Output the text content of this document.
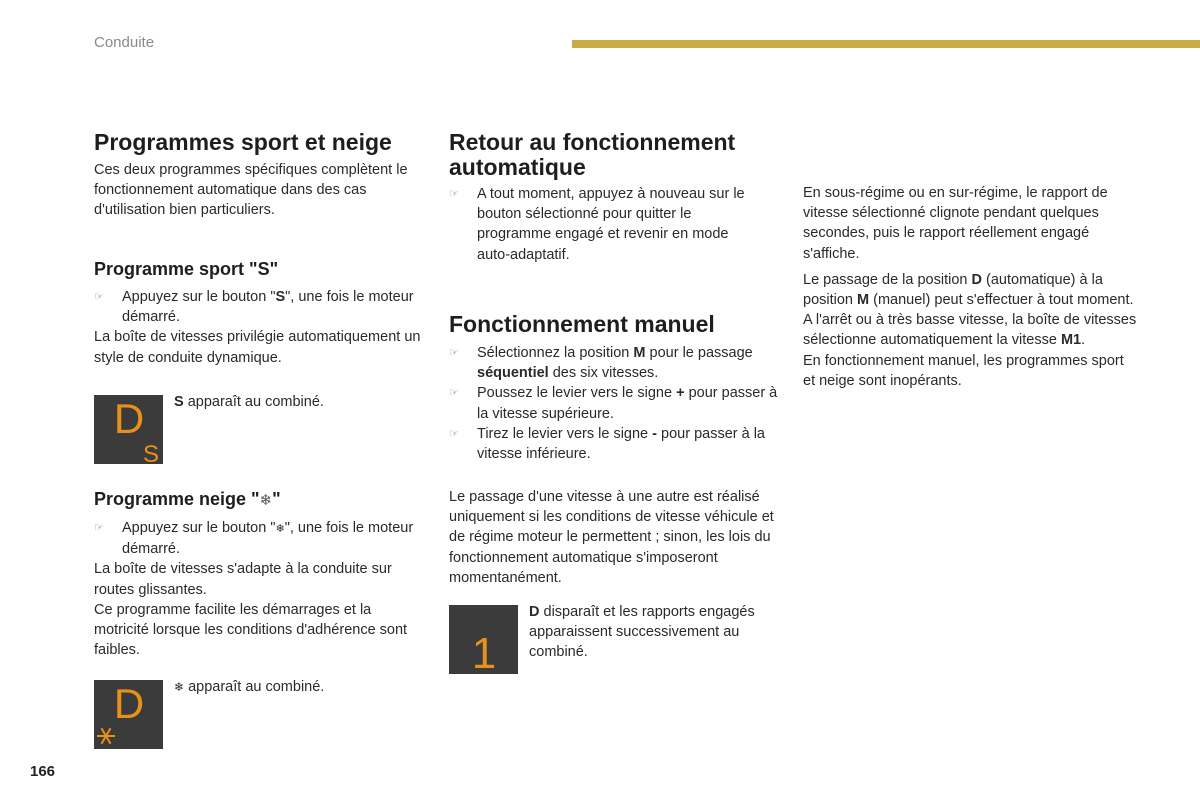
Conduite
Programmes sport et neige
Ces deux programmes spécifiques complètent le fonctionnement automatique dans des cas d'utilisation bien particuliers.
Programme sport "S"

☞ Appuyez sur le bouton "S", une fois le moteur démarré.

La boîte de vitesses privilégie automatiquement un style de conduite dynamique.

D
S
S apparaît au combiné.
Programme neige "❄"

☞ Appuyez sur le bouton "❄", une fois le moteur démarré.

La boîte de vitesses s'adapte à la conduite sur routes glissantes.

Ce programme facilite les démarrages et la motricité lorsque les conditions d'adhérence sont faibles.

D ❄ apparaît au combiné.
166
Retour au fonctionnement automatique

☞ A tout moment, appuyez à nouveau sur le bouton sélectionné pour quitter le programme engagé et revenir en mode auto-adaptatif.

Fonctionnement manuel

☞ Sélectionnez la position M pour le passage séquentiel des six vitesses.

☞ Poussez le levier vers le signe + pour passer à la vitesse supérieure.

☞ Tirez le levier vers le signe - pour passer à la vitesse inférieure.

Le passage d'une vitesse à une autre est réalisé uniquement si les conditions de vitesse véhicule et de régime moteur le permettent ; sinon, les lois du fonctionnement automatique s'imposeront momentanément.
1
D disparaît et les rapports engagés apparaissent successivement au combiné.

En sous-régime ou en sur-régime, le rapport de vitesse sélectionné clignote pendant quelques secondes, puis le rapport réellement engagé s'affiche.

Le passage de la position D (automatique) à la position M (manuel) peut s'effectuer à tout moment.

A l'arrêt ou à très basse vitesse, la boîte de vitesses sélectionne automatiquement la vitesse M1.

En fonctionnement manuel, les programmes sport et neige sont inopérants.
